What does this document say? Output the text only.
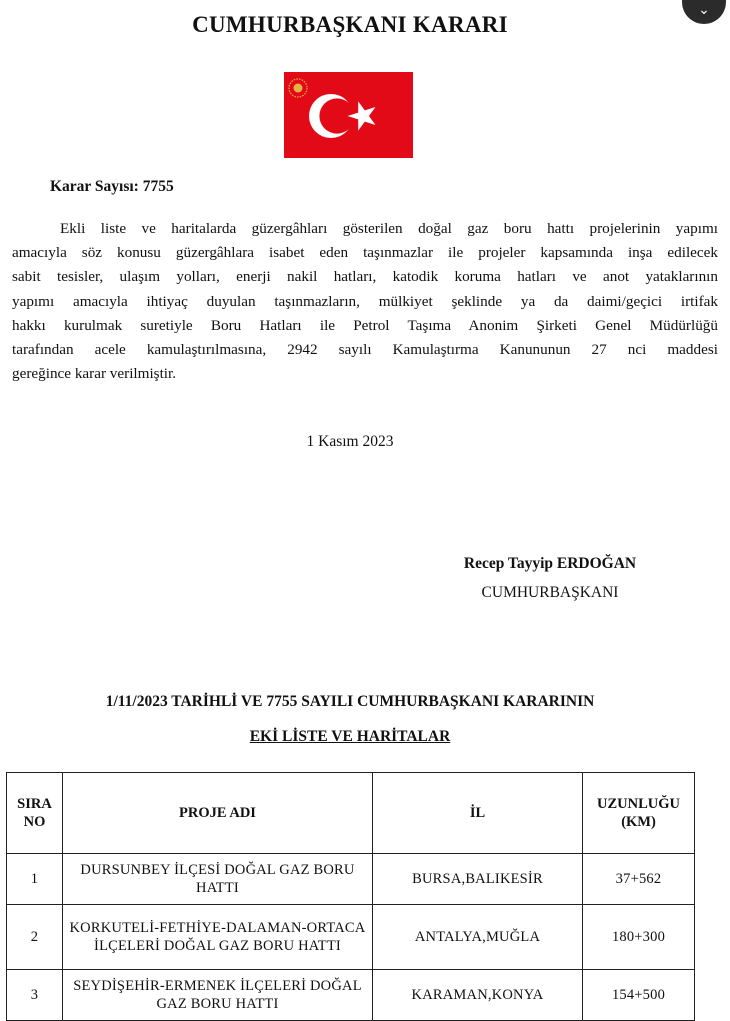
CUMHURBAŞKANI KARARI
Karar Sayısı: 7755
Ekli liste ve haritalarda güzergâhları gösterilen doğal gaz boru hattı projelerinin yapımı
amacıyla söz konusu güzergâhlara isabet eden taşınmazlar ile projeler kapsamında inşa edilecek
sabit tesisler, ulaşım yolları, enerji nakil hatları, katodik koruma hatları ve anot yataklarının
yapımı amacıyla ihtiyaç duyulan taşınmazların, mülkiyet şeklinde ya da daimi/geçici irtifak
hakkı kurulmak suretiyle Boru Hatları ile Petrol Taşıma Anonim Şirketi Genel Müdürlüğü
tarafından acele kamulaştırılmasına, 2942 sayılı Kamulaştırma Kanununun 27 nci maddesi
gereğince karar verilmiştir.
1 Kasım 2023
Recep Tayyip ERDOĞAN
CUMHURBAŞKANI
1/11/2023 TARİHLİ VE 7755 SAYILI CUMHURBAŞKANI KARARININ
EKİ LİSTE VE HARİTALAR
SIRA NO	PROJE ADI	İL	UZUNLUĞU (KM)
1	DURSUNBEY İLÇESİ DOĞAL GAZ BORU HATTI	BURSA,BALIKESİR	37+562
2	KORKUTELİ-FETHİYE-DALAMAN-ORTACA İLÇELERİ DOĞAL GAZ BORU HATTI	ANTALYA,MUĞLA	180+300
3	SEYDİŞEHİR-ERMENEK İLÇELERİ DOĞAL GAZ BORU HATTI	KARAMAN,KONYA	154+500
⌄
